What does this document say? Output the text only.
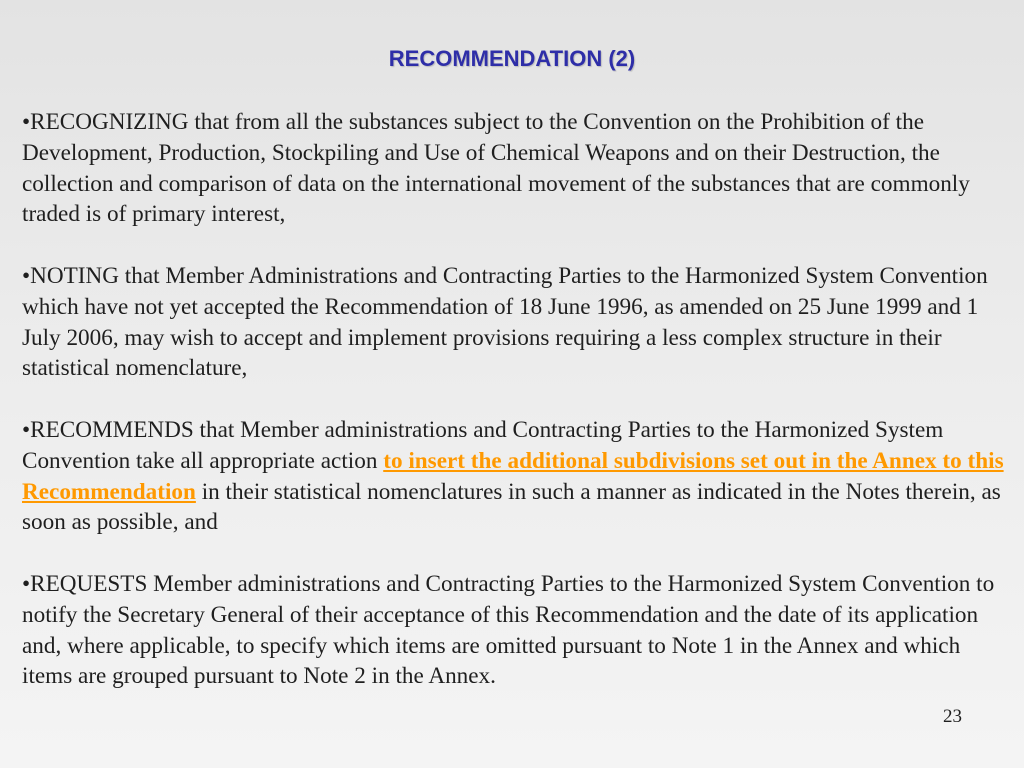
RECOMMENDATION (2)

•RECOGNIZING that from all the substances subject to the Convention on the Prohibition of the Development, Production, Stockpiling and Use of Chemical Weapons and on their Destruction, the collection and comparison of data on the international movement of the substances that are commonly traded is of primary interest,

•NOTING that Member Administrations and Contracting Parties to the Harmonized System Convention which have not yet accepted the Recommendation of 18 June 1996, as amended on 25 June 1999 and 1 July 2006, may wish to accept and implement provisions requiring a less complex structure in their statistical nomenclature,

•RECOMMENDS that Member administrations and Contracting Parties to the Harmonized System Convention take all appropriate action to insert the additional subdivisions set out in the Annex to this Recommendation in their statistical nomenclatures in such a manner as indicated in the Notes therein, as soon as possible, and

•REQUESTS Member administrations and Contracting Parties to the Harmonized System Convention to notify the Secretary General of their acceptance of this Recommendation and the date of its application and, where applicable, to specify which items are omitted pursuant to Note 1 in the Annex and which items are grouped pursuant to Note 2 in the Annex.

23
